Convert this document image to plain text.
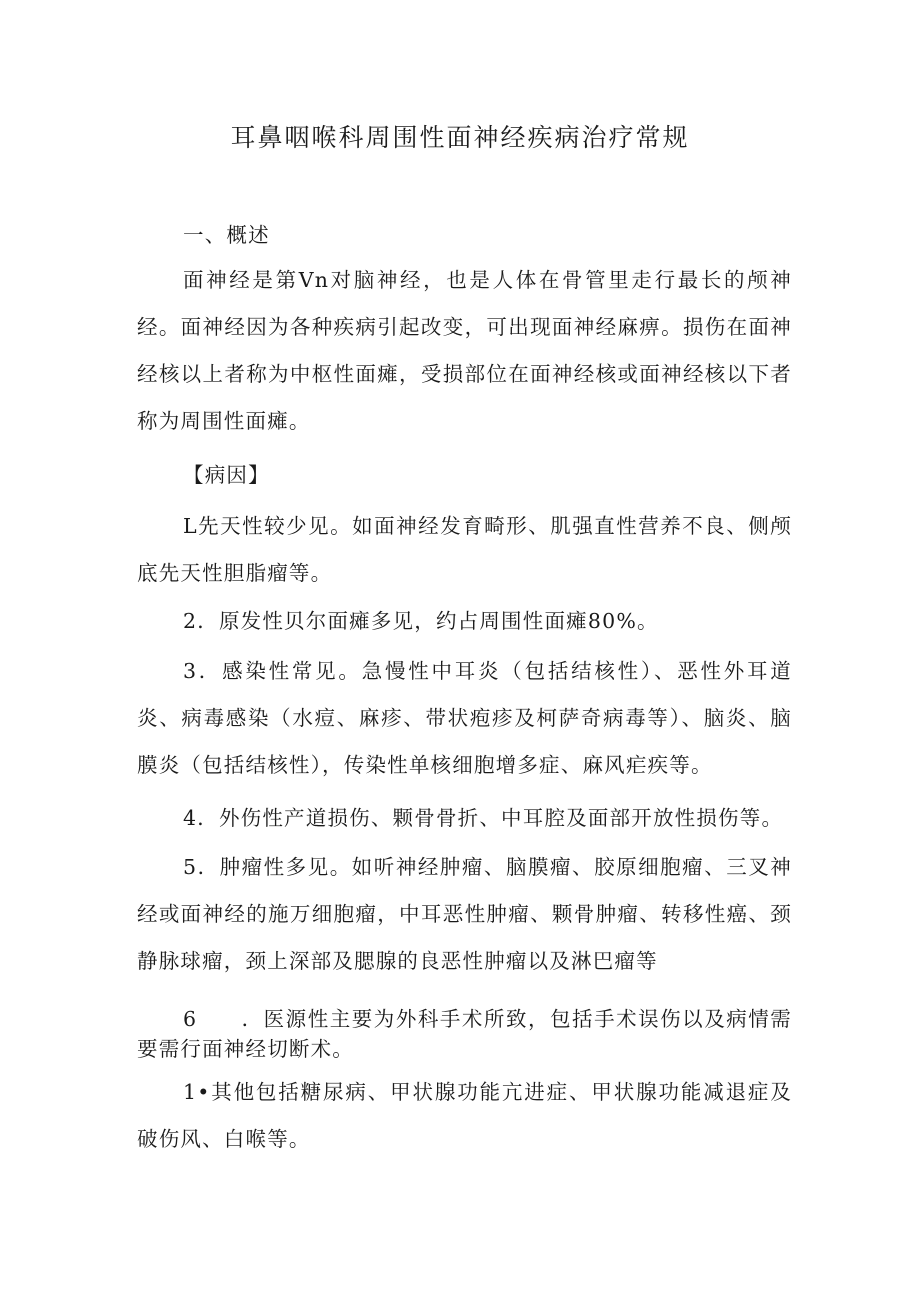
耳鼻咽喉科周围性面神经疾病治疗常规

一、概述

面神经是第Vn对脑神经，也是人体在骨管里走行最长的颅神经。面神经因为各种疾病引起改变，可出现面神经麻痹。损伤在面神经核以上者称为中枢性面瘫，受损部位在面神经核或面神经核以下者称为周围性面瘫。

【病因】

L先天性较少见。如面神经发育畸形、肌强直性营养不良、侧颅底先天性胆脂瘤等。

2．原发性贝尔面瘫多见，约占周围性面瘫80%。

3．感染性常见。急慢性中耳炎（包括结核性）、恶性外耳道炎、病毒感染（水痘、麻疹、带状疱疹及柯萨奇病毒等）、脑炎、脑膜炎（包括结核性），传染性单核细胞增多症、麻风疟疾等。

4．外伤性产道损伤、颗骨骨折、中耳腔及面部开放性损伤等。

5．肿瘤性多见。如听神经肿瘤、脑膜瘤、胶原细胞瘤、三叉神经或面神经的施万细胞瘤，中耳恶性肿瘤、颗骨肿瘤、转移性癌、颈静脉球瘤，颈上深部及腮腺的良恶性肿瘤以及淋巴瘤等

6　　．医源性主要为外科手术所致，包括手术误伤以及病情需要需行面神经切断术。

1•其他包括糖尿病、甲状腺功能亢进症、甲状腺功能减退症及破伤风、白喉等。
